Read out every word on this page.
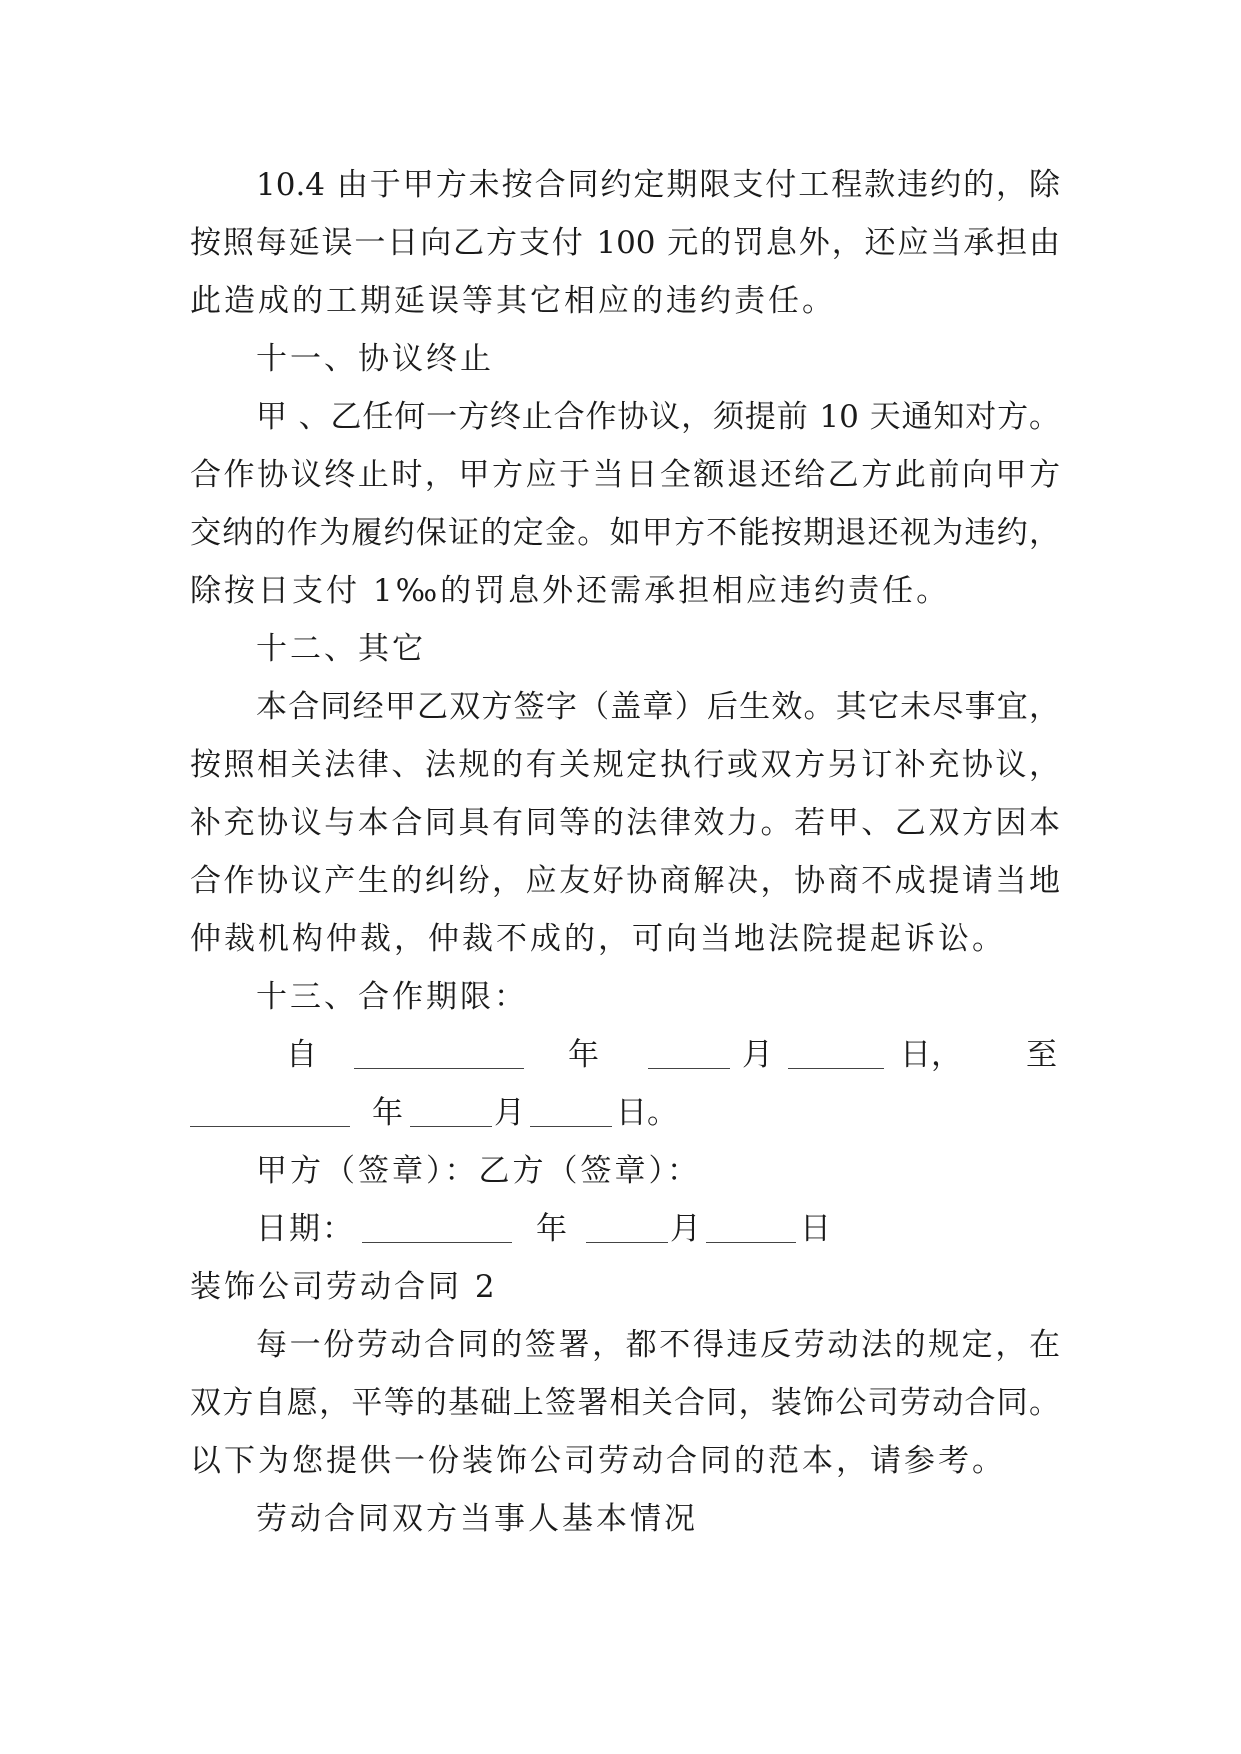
10.4 由于甲方未按合同约定期限支付工程款违约的，除
按照每延误一日向乙方支付 100 元的罚息外，还应当承担由
此造成的工期延误等其它相应的违约责任。
十一、协议终止
甲 、乙任何一方终止合作协议，须提前 10 天通知对方。
合作协议终止时，甲方应于当日全额退还给乙方此前向甲方
交纳的作为履约保证的定金。如甲方不能按期退还视为违约，
除按日支付 1‰的罚息外还需承担相应违约责任。
十二、其它
本合同经甲乙双方签字（盖章）后生效。其它未尽事宜，
按照相关法律、法规的有关规定执行或双方另订补充协议，
补充协议与本合同具有同等的法律效力。若甲、乙双方因本
合作协议产生的纠纷，应友好协商解决，协商不成提请当地
仲裁机构仲裁，仲裁不成的，可向当地法院提起诉讼。
十三、合作期限：
自	年	月	日， 至
年	月	日。
甲方（签章）：乙方（签章）：
日期：	年	月	日
装饰公司劳动合同 2
每一份劳动合同的签署，都不得违反劳动法的规定，在
双方自愿，平等的基础上签署相关合同，装饰公司劳动合同。
以下为您提供一份装饰公司劳动合同的范本，请参考。
劳动合同双方当事人基本情况
